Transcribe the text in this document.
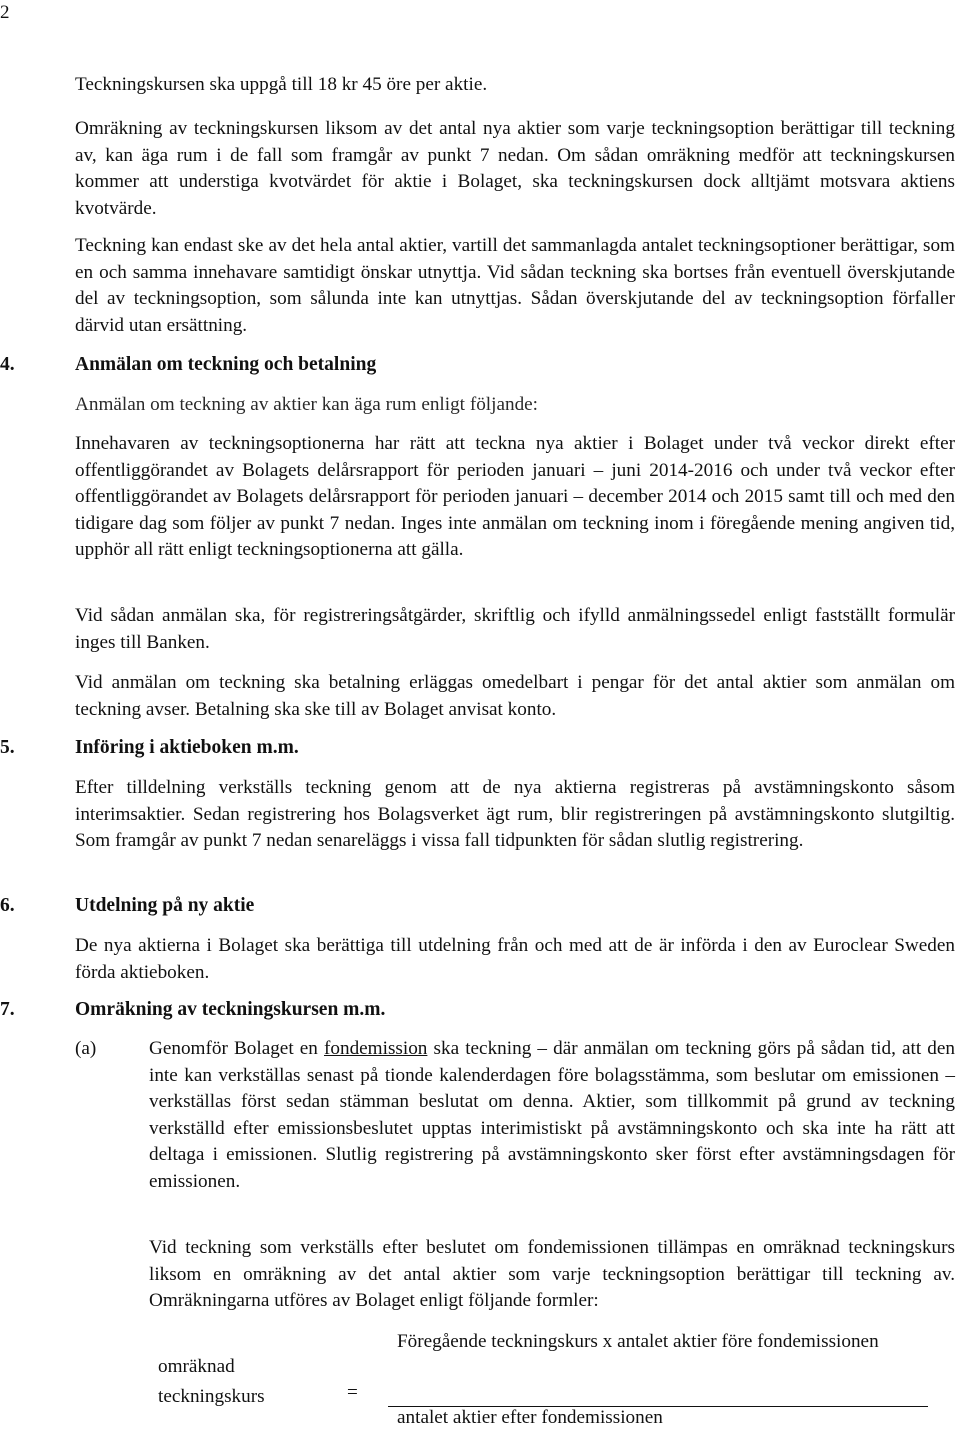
2

Teckningskursen ska uppgå till 18 kr 45 öre per aktie.

Omräkning av teckningskursen liksom av det antal nya aktier som varje teckningsoption berättigar till teckning av, kan äga rum i de fall som framgår av punkt 7 nedan. Om sådan omräkning medför att teckningskursen kommer att understiga kvotvärdet för aktie i Bolaget, ska teckningskursen dock alltjämt motsvara aktiens kvotvärde.

Teckning kan endast ske av det hela antal aktier, vartill det sammanlagda antalet teckningsoptioner berättigar, som en och samma innehavare samtidigt önskar utnyttja. Vid sådan teckning ska bortses från eventuell överskjutande del av teckningsoption, som sålunda inte kan utnyttjas. Sådan överskjutande del av teckningsoption förfaller därvid utan ersättning.

4.	Anmälan om teckning och betalning
Anmälan om teckning av aktier kan äga rum enligt följande:

Innehavaren av teckningsoptionerna har rätt att teckna nya aktier i Bolaget under två veckor direkt efter offentliggörandet av Bolagets delårsrapport för perioden januari – juni 2014-2016 och under två veckor efter offentliggörandet av Bolagets delårsrapport för perioden januari – december 2014 och 2015 samt till och med den tidigare dag som följer av punkt 7 nedan. Inges inte anmälan om teckning inom i föregående mening angiven tid, upphör all rätt enligt teckningsoptionerna att gälla.

Vid sådan anmälan ska, för registreringsåtgärder, skriftlig och ifylld anmälningssedel enligt fastställt formulär inges till Banken.

Vid anmälan om teckning ska betalning erläggas omedelbart i pengar för det antal aktier som anmälan om teckning avser. Betalning ska ske till av Bolaget anvisat konto.

5.	Införing i aktieboken m.m.

Efter tilldelning verkställs teckning genom att de nya aktierna registreras på avstämningskonto såsom interimsaktier. Sedan registrering hos Bolagsverket ägt rum, blir registreringen på avstämningskonto slutgiltig. Som framgår av punkt 7 nedan senareläggs i vissa fall tidpunkten för sådan slutlig registrering.

6.	Utdelning på ny aktie

De nya aktierna i Bolaget ska berättiga till utdelning från och med att de är införda i den av Euroclear Sweden förda aktieboken.

7.	Omräkning av teckningskursen m.m.
(a)	Genomför Bolaget en fondemission ska teckning – där anmälan om teckning görs på sådan tid, att den inte kan verkställas senast på tionde kalenderdagen före bolagsstämma, som beslutar om emissionen – verkställas först sedan stämman beslutat om denna. Aktier, som tillkommit på grund av teckning verkställd efter emissionsbeslutet upptas interimistiskt på avstämningskonto och ska inte ha rätt att deltaga i emissionen. Slutlig registrering på avstämningskonto sker först efter avstämningsdagen för emissionen.

Vid teckning som verkställs efter beslutet om fondemissionen tillämpas en omräknad teckningskurs liksom en omräkning av det antal aktier som varje teckningsoption berättigar till teckning av. Omräkningarna utföres av Bolaget enligt följande formler:

omräknad
teckningskurs	=

Föregående teckningskurs x antalet aktier före fondemissionen

antalet aktier efter fondemissionen
